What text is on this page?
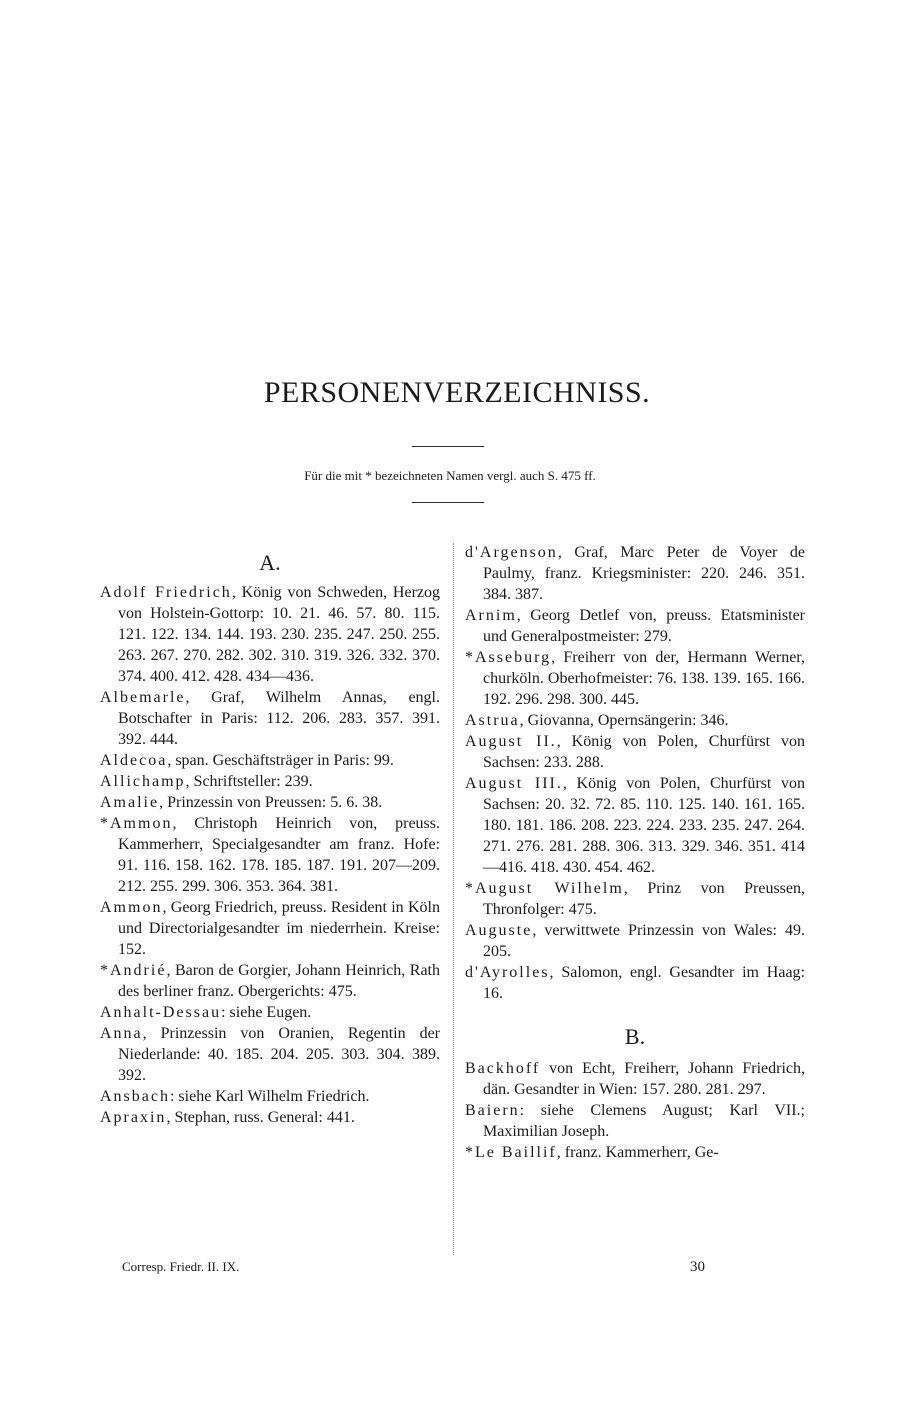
PERSONENVERZEICHNISS.
Für die mit * bezeichneten Namen vergl. auch S. 475 ff.
A.
Adolf Friedrich, König von Schweden, Herzog von Holstein-Gottorp: 10. 21. 46. 57. 80. 115. 121. 122. 134. 144. 193. 230. 235. 247. 250. 255. 263. 267. 270. 282. 302. 310. 319. 326. 332. 370. 374. 400. 412. 428. 434—436.
Albemarle, Graf, Wilhelm Annas, engl. Botschafter in Paris: 112. 206. 283. 357. 391. 392. 444.
Aldecoa, span. Geschäftsträger in Paris: 99.
Allichamp, Schriftsteller: 239.
Amalie, Prinzessin von Preussen: 5. 6. 38.
*Ammon, Christoph Heinrich von, preuss. Kammerherr, Specialgesandter am franz. Hofe: 91. 116. 158. 162. 178. 185. 187. 191. 207—209. 212. 255. 299. 306. 353. 364. 381.
Ammon, Georg Friedrich, preuss. Resident in Köln und Directorialgesandter im niederrhein. Kreise: 152.
*Andrié, Baron de Gorgier, Johann Heinrich, Rath des berliner franz. Obergerichts: 475.
Anhalt-Dessau: siehe Eugen.
Anna, Prinzessin von Oranien, Regentin der Niederlande: 40. 185. 204. 205. 303. 304. 389. 392.
Ansbach: siehe Karl Wilhelm Friedrich.
Apraxin, Stephan, russ. General: 441.
d'Argenson, Graf, Marc Peter de Voyer de Paulmy, franz. Kriegsminister: 220. 246. 351. 384. 387.
Arnim, Georg Detlef von, preuss. Etatsminister und Generalpostmeister: 279.
*Asseburg, Freiherr von der, Hermann Werner, churköln. Oberhofmeister: 76. 138. 139. 165. 166. 192. 296. 298. 300. 445.
Astrua, Giovanna, Opernsängerin: 346.
August II., König von Polen, Churfürst von Sachsen: 233. 288.
August III., König von Polen, Churfürst von Sachsen: 20. 32. 72. 85. 110. 125. 140. 161. 165. 180. 181. 186. 208. 223. 224. 233. 235. 247. 264. 271. 276. 281. 288. 306. 313. 329. 346. 351. 414—416. 418. 430. 454. 462.
*August Wilhelm, Prinz von Preussen, Thronfolger: 475.
Auguste, verwittwete Prinzessin von Wales: 49. 205.
d'Ayrolles, Salomon, engl. Gesandter im Haag: 16.
B.
Backhoff von Echt, Freiherr, Johann Friedrich, dän. Gesandter in Wien: 157. 280. 281. 297.
Baiern: siehe Clemens August; Karl VII.; Maximilian Joseph.
*Le Baillif, franz. Kammerherr, Ge-
Corresp. Friedr. II. IX.	30
